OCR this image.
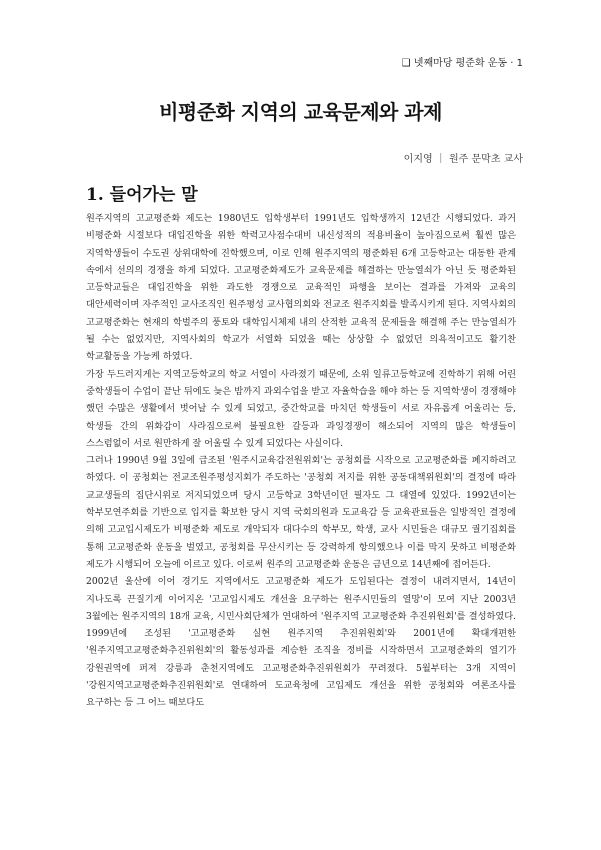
❑ 넷째마당 평준화 운동 · 1
비평준화 지역의 교육문제와 과제
이지영 ｜ 원주 문막초 교사
1. 들어가는 말

원주지역의 고교평준화 제도는 1980년도 입학생부터 1991년도 입학생까지 12년간 시행되었다. 과거 비평준화 시절보다 대입진학을 위한 학력고사점수대비 내신성적의 적용비율이 높아짐으로써 훨씬 많은 지역학생들이 수도권 상위대학에 진학했으며, 이로 인해 원주지역의 평준화된 6개 고등학교는 대동한 관계 속에서 선의의 경쟁을 하게 되었다. 고교평준화제도가 교육문제를 해결하는 만능열쇠가 아닌 듯 평준화된 고등학교들은 대입진학을 위한 과도한 경쟁으로 교육적인 파행을 보이는 결과를 가져와 교육의 대안세력이며 자주적인 교사조직인 원주평성 교사협의회와 전교조 원주지회를 발족시키게 된다. 지역사회의 고교평준화는 현재의 학벌주의 풍토와 대학입시체제 내의 산적한 교육적 문제들을 해결해 주는 만능열쇠가 될 수는 없었지만, 지역사회의 학교가 서열화 되었을 때는 상상할 수 없었던 의욕적이고도 활기찬 학교활동을 가능케 하였다.

가장 두드러지게는 지역고등학교의 학교 서열이 사라졌기 때문에, 소위 일류고등학교에 진학하기 위해 어린 중학생들이 수업이 끝난 뒤에도 늦은 밤까지 과외수업을 받고 자율학습을 해야 하는 등 지역학생이 경쟁해야 했던 수많은 생활에서 벗어날 수 있게 되었고, 중간학교를 마치던 학생들이 서로 자유롭게 어울리는 등, 학생들 간의 위화감이 사라짐으로써 불필요한 갈등과 과잉경쟁이 해소되어 지역의 많은 학생들이 스스럼없이 서로 원만하게 잘 어울릴 수 있게 되었다는 사실이다.

그러나 1990년 9월 3일에 급조된 '원주시교육감전원위회'는 공청회를 시작으로 고교평준화를 폐지하려고 하였다. 이 공청회는 전교조원주평성지회가 주도하는 '공청회 저지를 위한 공동대책위원회'의 결정에 따라 교교생들의 집단시위로 저지되었으며 당시 고등학교 3학년이던 필자도 그 대열에 있었다. 1992년이는 학부모연주회를 기반으로 입지를 확보한 당시 지역 국회의원과 도교육감 등 교육관료들은 일방적인 결정에 의해 고교입시제도가 비평준화 제도로 개악되자 대다수의 학부모, 학생, 교사 시민들은 대규모 궐기집회를 통해 고교평준화 운동을 벌였고, 공청회를 무산시키는 등 강력하게 항의했으나 이를 막지 못하고 비평준화 제도가 시행되어 오늘에 이르고 있다. 이로써 원주의 고교평준화 운동은 금년으로 14년째에 접어든다.

2002년 울산에 이어 경기도 지역에서도 고교평준화 제도가 도입된다는 결정이 내려지면서, 14년이 지나도록 끈질기게 이어지온 '고교입시제도 개선을 요구하는 원주시민들의 열망'이 모여 지난 2003년 3월에는 원주지역의 18개 교육, 시민사회단체가 연대하여 '원주지역 고교평준화 추진위원회'를 결성하였다. 1999년에 조성된 '고교평준화 실현 원주지역 추진위원회'와 2001년에 확대개편한 '원주지역고교평준화추진위원회'의 활동성과를 계승한 조직을 정비를 시작하면서 고교평준화의 열기가 강원권역에 퍼져 강릉과 춘천지역에도 고교평준화추진위원회가 꾸려졌다. 5월부터는 3개 지역이 '강원지역고교평준화추진위원회'로 연대하여 도교육청에 고입제도 개선을 위한 공청회와 여론조사를 요구하는 등 그 어느 때보다도
